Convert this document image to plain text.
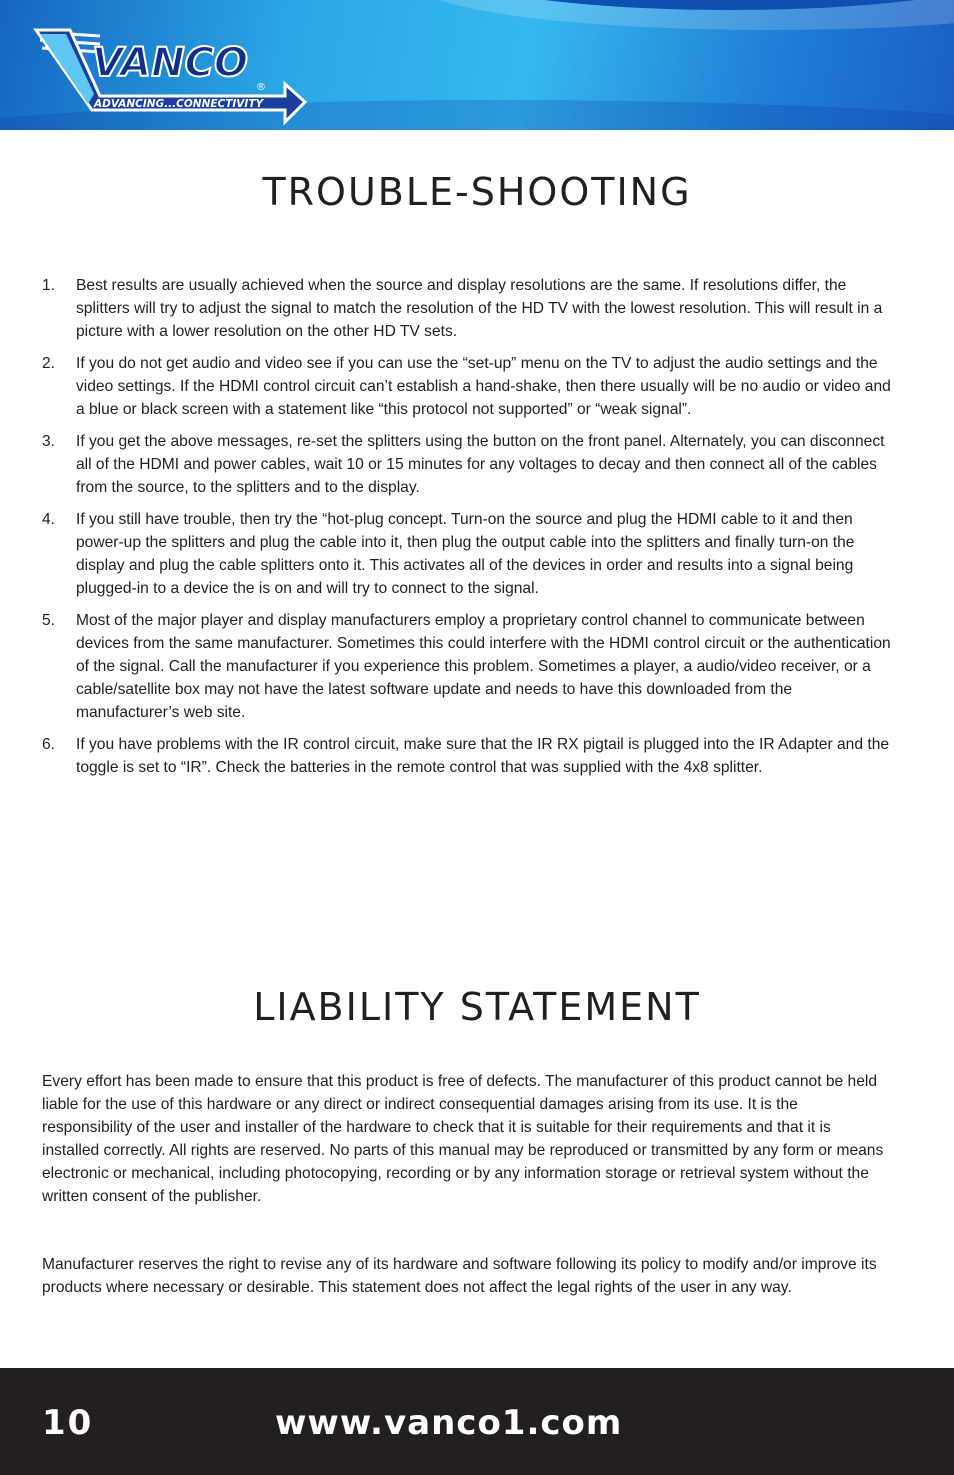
VANCO
®
ADVANCING...CONNECTIVITY
TROUBLE-SHOOTING
1. Best results are usually achieved when the source and display resolutions are the same. If resolutions differ, the splitters will try to adjust the signal to match the resolution of the HD TV with the lowest resolution. This will result in a picture with a lower resolution on the other HD TV sets.
2. If you do not get audio and video see if you can use the “set-up” menu on the TV to adjust the audio settings and the video settings. If the HDMI control circuit can’t establish a hand-shake, then there usually will be no audio or video and a blue or black screen with a statement like “this protocol not supported” or “weak signal”.
3. If you get the above messages, re-set the splitters using the button on the front panel. Alternately, you can disconnect all of the HDMI and power cables, wait 10 or 15 minutes for any voltages to decay and then connect all of the cables from the source, to the splitters and to the display.
4. If you still have trouble, then try the “hot-plug concept. Turn-on the source and plug the HDMI cable to it and then power-up the splitters and plug the cable into it, then plug the output cable into the splitters and finally turn-on the display and plug the cable splitters onto it. This activates all of the devices in order and results into a signal being plugged-in to a device the is on and will try to connect to the signal.
5. Most of the major player and display manufacturers employ a proprietary control channel to communicate between devices from the same manufacturer. Sometimes this could interfere with the HDMI control circuit or the authentication of the signal. Call the manufacturer if you experience this problem. Sometimes a player, a audio/video receiver, or a cable/satellite box may not have the latest software update and needs to have this downloaded from the manufacturer’s web site.
6. If you have problems with the IR control circuit, make sure that the IR RX pigtail is plugged into the IR Adapter and the toggle is set to “IR”. Check the batteries in the remote control that was supplied with the 4x8 splitter.
LIABILITY STATEMENT

Every effort has been made to ensure that this product is free of defects. The manufacturer of this product cannot be held liable for the use of this hardware or any direct or indirect consequential damages arising from its use. It is the responsibility of the user and installer of the hardware to check that it is suitable for their requirements and that it is installed correctly. All rights are reserved. No parts of this manual may be reproduced or transmitted by any form or means electronic or mechanical, including photocopying, recording or by any information storage or retrieval system without the written consent of the publisher.

Manufacturer reserves the right to revise any of its hardware and software following its policy to modify and/or improve its products where necessary or desirable. This statement does not affect the legal rights of the user in any way.

10	www.vanco1.com
